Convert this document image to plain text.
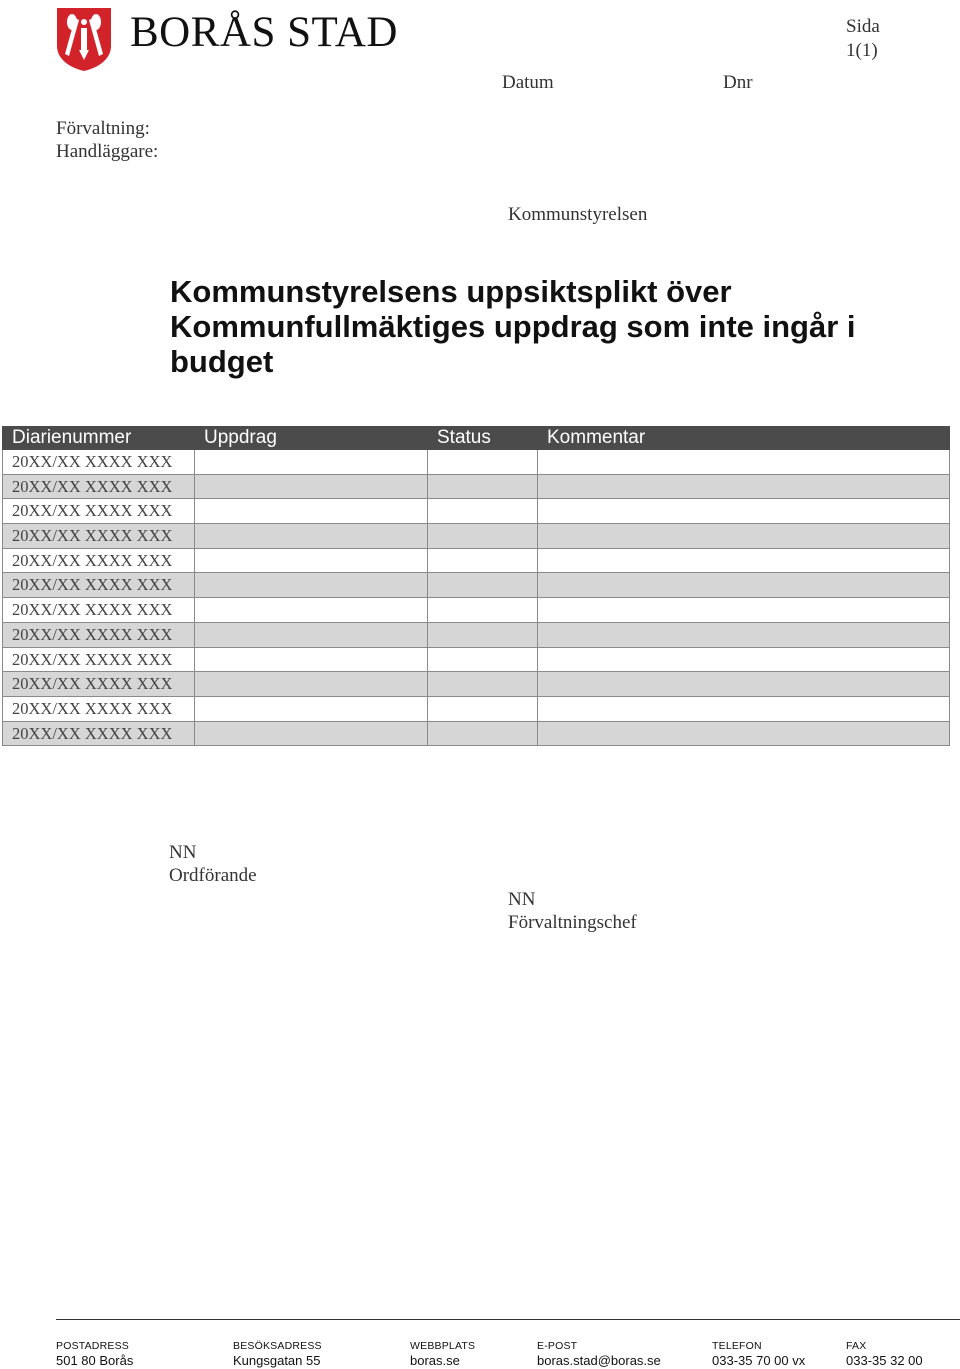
BORÅS STAD	Sida
1(1)
Datum	Dnr
Förvaltning:
Handläggare:
Kommunstyrelsen
Kommunstyrelsens uppsiktsplikt över Kommunfullmäktiges uppdrag som inte ingår i budget
Diarienummer	Uppdrag	Status	Kommentar
20XX/XX XXXX XXX
20XX/XX XXXX XXX
20XX/XX XXXX XXX
20XX/XX XXXX XXX
20XX/XX XXXX XXX
20XX/XX XXXX XXX
20XX/XX XXXX XXX
20XX/XX XXXX XXX
20XX/XX XXXX XXX
20XX/XX XXXX XXX
20XX/XX XXXX XXX
20XX/XX XXXX XXX
NN
Ordförande
NN
Förvaltningschef
POSTADRESS
501 80 Borås
BESÖKSADRESS
Kungsgatan 55
WEBBPLATS
boras.se
E-POST
boras.stad@boras.se
TELEFON
033-35 70 00 vx
FAX
033-35 32 00
